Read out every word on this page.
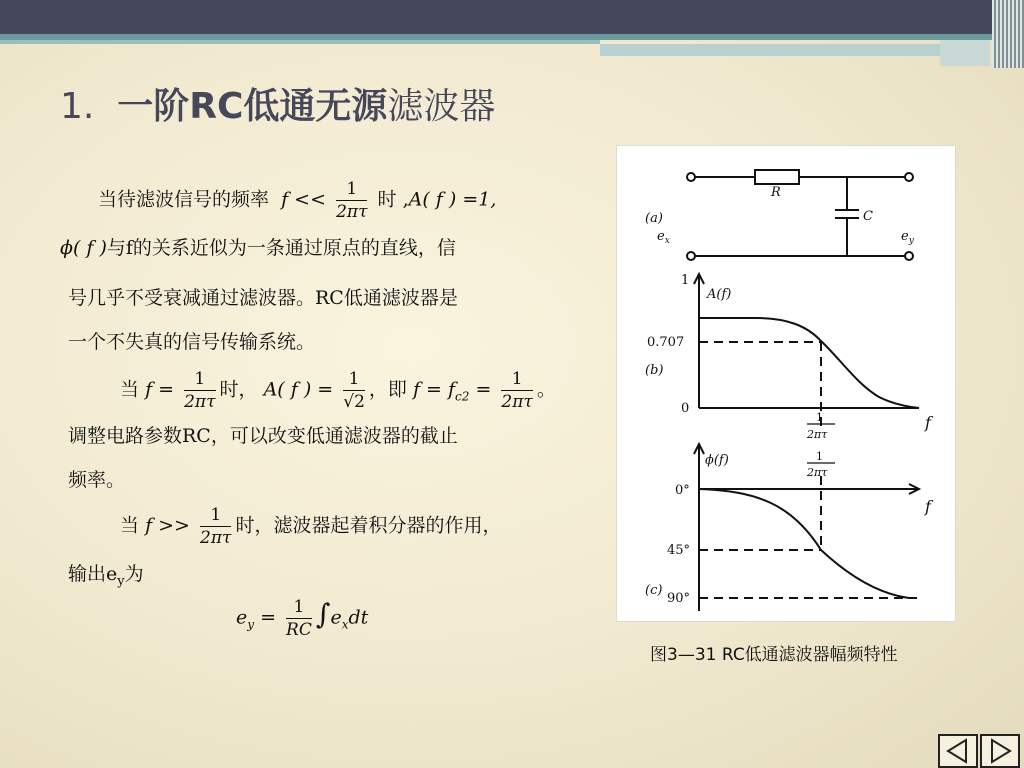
1. 一阶RC低通无源滤波器
当待滤波信号的频率 $f << \frac{1}{2\pi\tau}$ 时 ,A( f ) =1,
ϕ( f )与f的关系近似为一条通过原点的直线，信
号几乎不受衰减通过滤波器。RC低通滤波器是
一个不失真的信号传输系统。
当 $f = \frac{1}{2\pi\tau}$ 时， A( f ) = $\frac{1}{√2}$ ，即 $f = f_{c2} = \frac{1}{2\pi\tau}$ 。
调整电路参数RC，可以改变低通滤波器的截止
频率。
当 $f >> \frac{1}{2\pi\tau}$ 时，滤波器起着积分器的作用，
输出$e_y$为
$e_y = \frac{1}{RC} \int e_xdt$
(a)
R
C
$e_x$	$e_y$
1
A(f)
0.707
0
(b)
f
1
2πτ
ϕ(f)
0°
45°
90°
(c)
f
1
2πτ
图3—31 RC低通滤波器幅频特性
